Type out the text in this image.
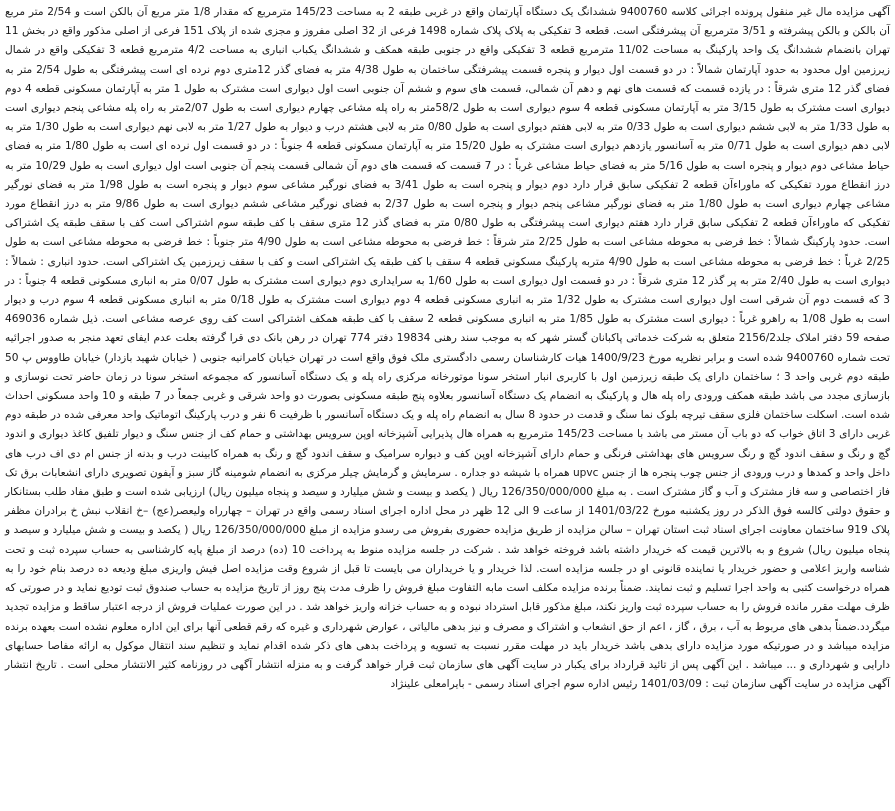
آگهی مزایده مال غیر منقول پرونده اجرائی کلاسه 9400760 ششدانگ یک دستگاه آپارتمان واقع در غربی طبقه 2 به مساحت 145/23 مترمربع که مقدار 1/8 متر مربع آن بالکن است و 2/54 متر مربع آن بالکن و بالکن پیشرفته و 3/51 مترمربع آن پیشرفتگی است. قطعه 3 تفکیکی به پلاک پلاک شماره 1498 فرعی از 32 اصلی مفروز و مجزی شده از پلاک 151 فرعی از اصلی مذکور واقع در بخش 11 تهران بانضمام ششدانگ یک واحد پارکینگ به مساحت 11/02 مترمربع قطعه 3 تفکیکی واقع در جنوبی طبقه همکف و ششدانگ یکباب انباری به مساحت 4/2 مترمربع قطعه 3 تفکیکی واقع در شمال زیرزمین اول محدود به حدود آپارتمان شمالاً : در دو قسمت اول دیوار و پنجره قسمت پیشرفتگی ساختمان به طول 4/38 متر به فضای گذر 12متری دوم نرده ای است پیشرفتگی به طول 2/54 متر به فضای گذر 12 متری شرقاً : در یازده قسمت که قسمت های نهم و دهم آن شمالی، قسمت های سوم و ششم آن جنوبی است اول دیواری است مشترک به طول 1 متر به آپارتمان مسکونی قطعه 4 دوم دیواری است مشترک به طول 3/15 متر به آپارتمان مسکونی قطعه 4 سوم دیواری است به طول 58/2متر به راه پله مشاعی چهارم دیواری است به طول 2/07متر به راه پله مشاعی پنجم دیواری است به طول 1/33 متر به لابی ششم دیواری است به طول 0/33 متر به لابی هفتم دیواری است به طول 0/80 متر به لابی هشتم درب و دیوار به طول 1/27 متر به لابی نهم دیواری است به طول 1/30 متر به لابی دهم دیواری است به طول 0/71 متر به آسانسور یازدهم دیواری است مشترک به طول 15/20 متر به آپارتمان مسکونی قطعه 4 جنوباً : در دو قسمت اول نرده ای است به طول 1/80 متر به فضای حیاط مشاعی دوم دیوار و پنجره است به طول 5/16 متر به فضای حیاط مشاعی غرباً : در 7 قسمت که قسمت های دوم آن شمالی قسمت پنجم آن جنوبی است اول دیواری است به طول 10/29 متر به درز انقطاع مورد تفکیکی که ماوراءآن قطعه 2 تفکیکی سابق قرار دارد دوم دیوار و پنجره است به طول 3/41 به فضای نورگیر مشاعی سوم دیوار و پنجره است به طول 1/98 متر به فضای نورگیر مشاعی چهارم دیواری است به طول 1/80 متر به فضای نورگیر مشاعی پنجم دیوار و پنجره است به طول 2/37 به فضای نورگیر مشاعی ششم دیواری است به طول 9/86 متر به درز انقطاع مورد تفکیکی که ماوراءآن قطعه 2 تفکیکی سابق قرار دارد هفتم دیواری است پیشرفتگی به طول 0/80 متر به فضای گذر 12 متری سقف با کف طبقه سوم اشتراکی است کف با سقف طبقه یک اشتراکی است. حدود پارکینگ شمالاً : خط فرضی به محوطه مشاعی است به طول 2/25 متر شرقاً : خط فرضی به محوطه مشاعی است به طول 4/90 متر جنوباً : خط فرضی به محوطه مشاعی است به طول 2/25 غرباً : خط فرضی به محوطه مشاعی است به طول 4/90 متربه پارکینگ مسکونی قطعه 4 سقف با کف طبقه یک اشتراکی است و کف با سقف زیرزمین یک اشتراکی است. حدود انباری : شمالاً : دیواری است به طول 2/40 متر به پر گذر 12 متری شرقاً : در دو قسمت اول دیواری است به طول 1/60 به سرایداری دوم دیواری است مشترک به طول 0/07 متر به انباری مسکونی قطعه 4 جنوباً : در 3 که قسمت دوم آن شرقی است اول دیواری است مشترک به طول 1/32 متر به انباری مسکونی قطعه 4 دوم دیواری است مشترک به طول 0/18 متر به انباری مسکونی قطعه 4 سوم درب و دیوار است به طول 1/08 به راهرو غرباً : دیواری است مشترک به طول 1/85 متر به انباری مسکونی قطعه 2 سقف با کف طبقه همکف اشتراکی است کف روی عرصه مشاعی است. ذیل شماره 469036 صفحه 59 دفتر املاک جلد2156/2 متعلق به شرکت خدماتی پاکبانان گستر شهر که به موجب سند رهنی 19834 دفتر 774 تهران در رهن بانک دی قرا گرفته بعلت عدم ایفای تعهد منجر به صدور اجرائیه تحت شماره 9400760 شده است و برابر نظریه مورخ 1400/9/23 هیات کارشناسان رسمی دادگستری ملک فوق واقع است در تهران خیابان کامرانیه جنوبی ( خیابان شهید بازدار) خیابان طاووس پ 50 طبقه دوم غربی واحد 3 ؛ ساختمان دارای یک طبقه زیرزمین اول با کاربری انبار استخر سونا موتورخانه مرکزی راه پله و یک دستگاه آسانسور که مجموعه استخر سونا در زمان حاضر تحت نوسازی و بازسازی مجدد می باشد طبقه همکف ورودی راه پله هال و پارکینگ به انضمام یک دستگاه آسانسور بعلاوه پنج طبقه مسکونی بصورت دو واحد شرقی و غربی جمعاً در 7 طبقه و 10 واحد مسکونی احداث شده است. اسکلت ساختمان فلزی سقف تیرچه بلوک نما سنگ و قدمت در حدود 8 سال به انضمام راه پله و یک دستگاه آسانسور با ظرفیت 6 نفر و درب پارکینگ اتوماتیک واحد معرفی شده در طبقه دوم غربی دارای 3 اتاق خواب که دو باب آن مستر می باشد با مساحت 145/23 مترمربع به همراه هال پذیرایی آشپزخانه اوپن سرویس بهداشتی و حمام کف از جنس سنگ و دیوار تلفیق کاغذ دیواری و اندود گچ و رنگ و سقف اندود گچ و رنگ سرویس های بهداشتی فرنگی و حمام دارای آشپزخانه اوپن کف و دیواره سرامیک و سقف اندود گچ و رنگ به همراه کابینت درب و بدنه از جنس ام دی اف درب های داخل واحد و کمدها و درب ورودی از جنس چوب پنجره ها از جنس upvc همراه با شیشه دو جداره . سرمایش و گرمایش چیلر مرکزی به انضمام شومینه گاز سبز و آیفون تصویری دارای انشعابات برق تک فاز اختصاصی و سه فاز مشترک و آب و گاز مشترک است . به مبلغ 126/350/000/000 ریال ( یکصد و بیست و شش میلیارد و سیصد و پنجاه میلیون ریال) ارزیابی شده است و طبق مفاد طلب بستانکار و حقوق دولتی کالسه فوق الذکر در روز یکشنبه مورخ 1401/03/22 از ساعت 9 الی 12 ظهر در محل اداره اجرای اسناد رسمی واقع در تهران – چهارراه ولیعصر(عج) –خ انقلاب نبش خ برادران مظفر پلاک 919 ساختمان معاونت اجرای اسناد ثبت استان تهران – سالن مزایده از طریق مزایده حضوری بفروش می رسدو مزایده از مبلغ 126/350/000/000 ریال ( یکصد و بیست و شش میلیارد و سیصد و پنجاه میلیون ریال) شروع و به بالاترین قیمت که خریدار داشته باشد فروخته خواهد شد . شرکت در جلسه مزایده منوط به پرداخت 10 (ده) درصد از مبلغ پایه کارشناسی به حساب سپرده ثبت و تحت شناسه واریز اعلامی و حضور خریدار یا نماینده قانونی او در جلسه مزایده است. لذا خریدار و یا خریداران می بایست تا قبل از شروع وقت مزایده اصل فیش واریزی مبلغ ودیعه ده درصد بنام خود را به همراه درخواست کتبی به واحد اجرا تسلیم و ثبت نمایند. ضمناً برنده مزایده مکلف است مابه التفاوت مبلغ فروش را ظرف مدت پنج روز از تاریخ مزایده به حساب صندوق ثبت تودیع نماید و در صورتی که ظرف مهلت مقرر مانده فروش را به حساب سپرده ثبت واریز نکند، مبلغ مذکور قابل استرداد نبوده و به حساب خزانه واریز خواهد شد . در این صورت عملیات فروش از درجه اعتبار ساقط و مزایده تجدید میگردد.ضمناً بدهی های مربوط به آب ، برق ، گاز ، اعم از حق انشعاب و اشتراک و مصرف و نیز بدهی مالیاتی ، عوارض شهرداری و غیره که رقم قطعی آنها برای این اداره معلوم نشده است بعهده برنده مزایده میباشد و در صورتیکه مورد مزایده دارای بدهی باشد خریدار باید در مهلت مقرر نسبت به تسویه و پرداخت بدهی های ذکر شده اقدام نماید و تنظیم سند انتقال موکول به ارائه مفاصا حسابهای دارایی و شهرداری و ... میباشد . این آگهی پس از تائید قرارداد برای یکبار در سایت آگهی های سازمان ثبت قرار خواهد گرفت و به منزله انتشار آگهی در روزنامه کثیر الانتشار محلی است . تاریخ انتشار آگهی مزایده در سایت آگهی سازمان ثبت : 1401/03/09 رئیس اداره سوم اجرای اسناد رسمی - بایرامعلی علینژاد
